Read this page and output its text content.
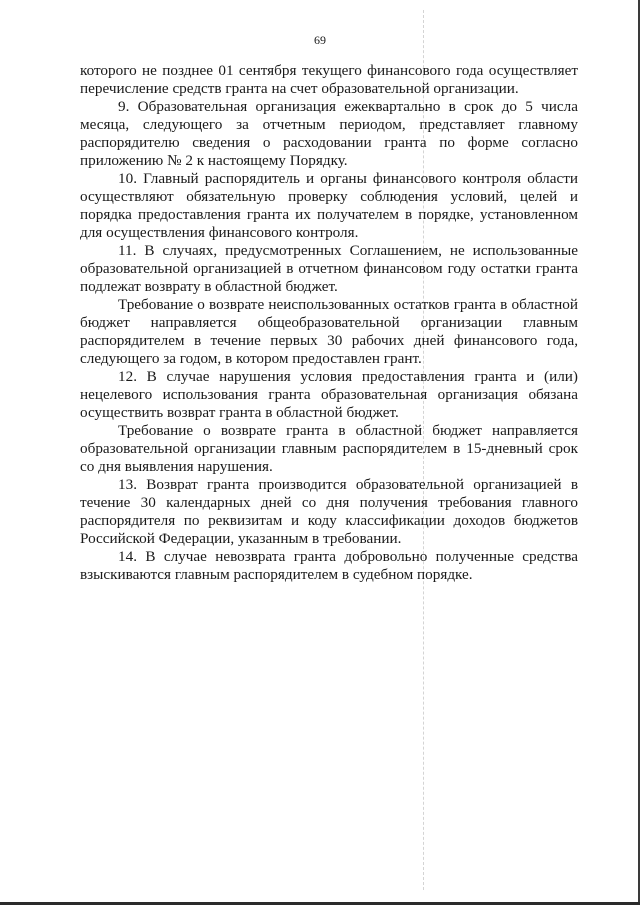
69

которого не позднее 01 сентября текущего финансового года осуществляет перечисление средств гранта на счет образовательной организации.

9. Образовательная организация ежеквартально в срок до 5 числа месяца, следующего за отчетным периодом, представляет главному распорядителю сведения о расходовании гранта по форме согласно приложению № 2 к настоящему Порядку.

10. Главный распорядитель и органы финансового контроля области осуществляют обязательную проверку соблюдения условий, целей и порядка предоставления гранта их получателем в порядке, установленном для осуществления финансового контроля.

11. В случаях, предусмотренных Соглашением, не использованные образовательной организацией в отчетном финансовом году остатки гранта подлежат возврату в областной бюджет.

Требование о возврате неиспользованных остатков гранта в областной бюджет направляется общеобразовательной организации главным распорядителем в течение первых 30 рабочих дней финансового года, следующего за годом, в котором предоставлен грант.

12. В случае нарушения условия предоставления гранта и (или) нецелевого использования гранта образовательная организация обязана осуществить возврат гранта в областной бюджет.

Требование о возврате гранта в областной бюджет направляется образовательной организации главным распорядителем в 15-дневный срок со дня выявления нарушения.

13. Возврат гранта производится образовательной организацией в течение 30 календарных дней со дня получения требования главного распорядителя по реквизитам и коду классификации доходов бюджетов Российской Федерации, указанным в требовании.

14. В случае невозврата гранта добровольно полученные средства взыскиваются главным распорядителем в судебном порядке.
